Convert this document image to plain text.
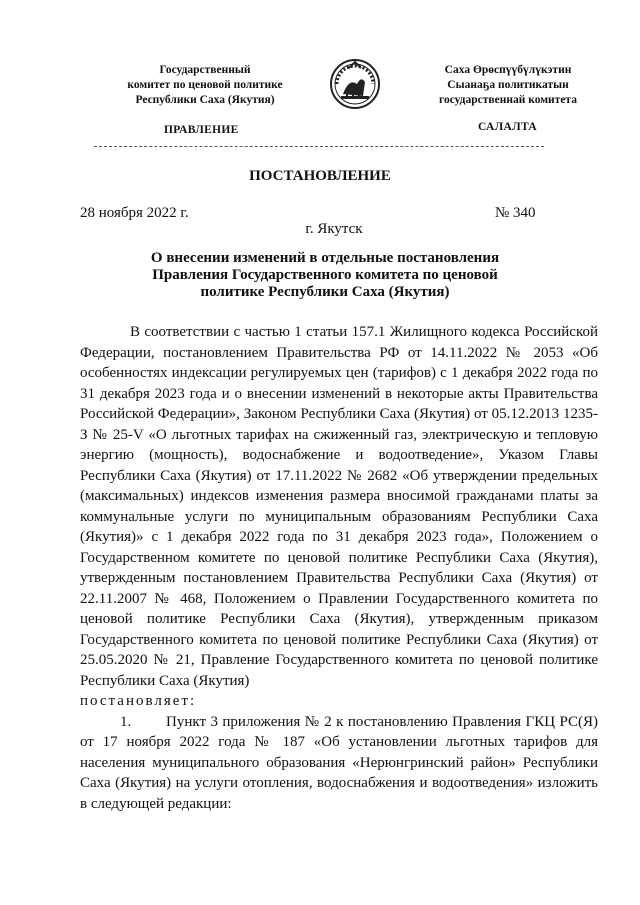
Государственный
комитет по ценовой политике
Республики Саха (Якутия)
Саха Өрөспүүбүлүкэтин
Сыанаҕа политикатын
государственнай комитета
ПРАВЛЕНИЕ	САЛАЛТА
ПОСТАНОВЛЕНИЕ
28 ноября 2022 г.	№ 340
г. Якутск
О внесении изменений в отдельные постановления Правления Государственного комитета по ценовой политике Республики Саха (Якутия)

В соответствии с частью 1 статьи 157.1 Жилищного кодекса Российской Федерации, постановлением Правительства РФ от 14.11.2022 № 2053 «Об особенностях индексации регулируемых цен (тарифов) с 1 декабря 2022 года по 31 декабря 2023 года и о внесении изменений в некоторые акты Правительства Российской Федерации», Законом Республики Саха (Якутия) от 05.12.2013 1235-З № 25-V «О льготных тарифах на сжиженный газ, электрическую и тепловую энергию (мощность), водоснабжение и водоотведение», Указом Главы Республики Саха (Якутия) от 17.11.2022 № 2682 «Об утверждении предельных (максимальных) индексов изменения размера вносимой гражданами платы за коммунальные услуги по муниципальным образованиям Республики Саха (Якутия)» с 1 декабря 2022 года по 31 декабря 2023 года», Положением о Государственном комитете по ценовой политике Республики Саха (Якутия), утвержденным постановлением Правительства Республики Саха (Якутия) от 22.11.2007 № 468, Положением о Правлении Государственного комитета по ценовой политике Республики Саха (Якутия), утвержденным приказом Государственного комитета по ценовой политике Республики Саха (Якутия) от 25.05.2020 № 21, Правление Государственного комитета по ценовой политике Республики Саха (Якутия)

постановляет:

1. Пункт 3 приложения № 2 к постановлению Правления ГКЦ РС(Я) от 17 ноября 2022 года № 187 «Об установлении льготных тарифов для населения муниципального образования «Нерюнгринский район» Республики Саха (Якутия) на услуги отопления, водоснабжения и водоотведения» изложить в следующей редакции:
